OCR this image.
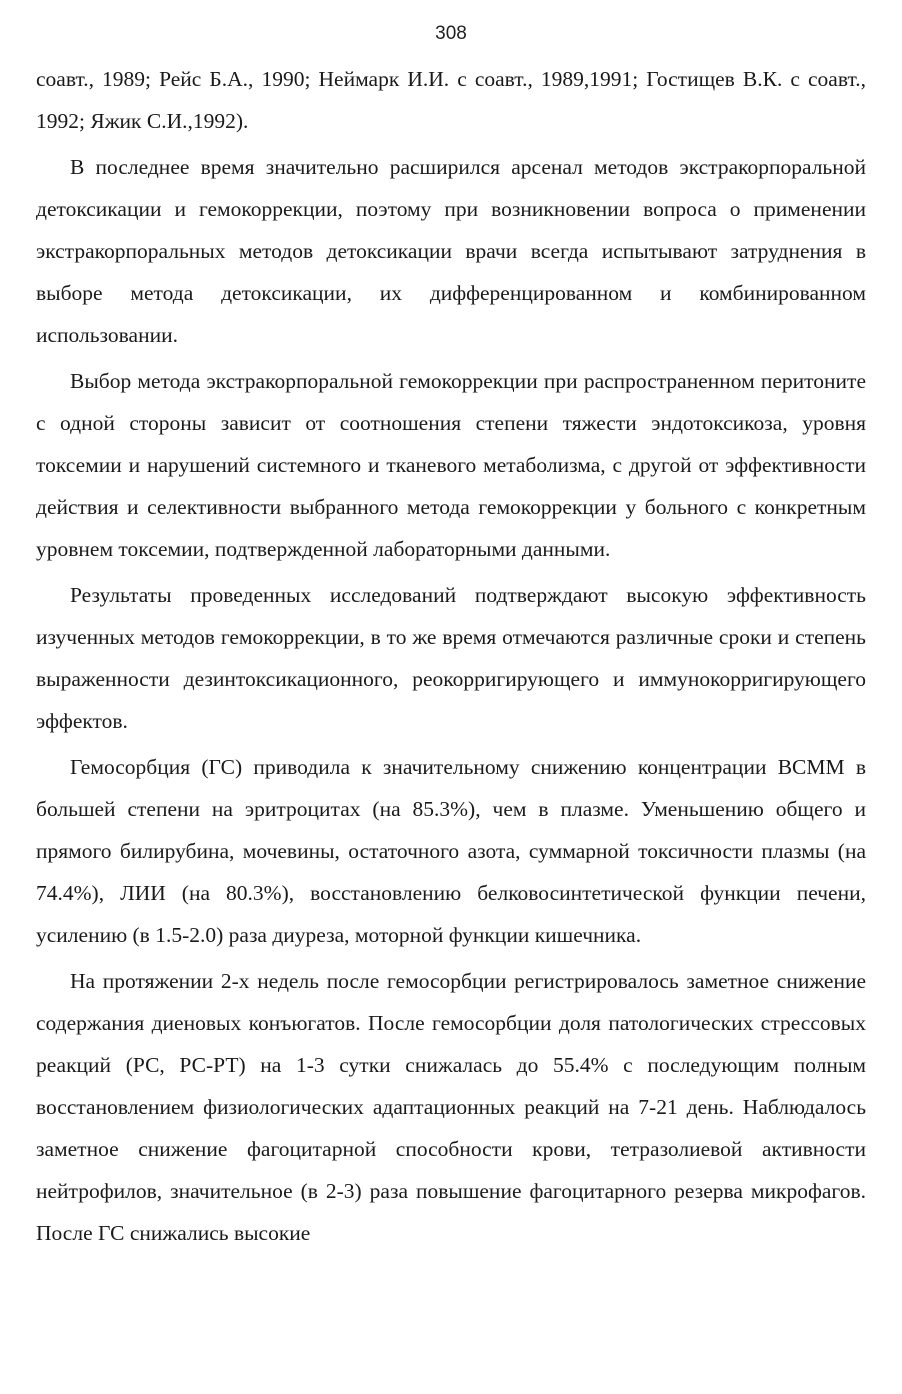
308

соавт., 1989; Рейс Б.А., 1990; Неймарк И.И. с соавт., 1989,1991; Гостищев В.К. с соавт., 1992; Яжик С.И.,1992).

В последнее время значительно расширился арсенал методов экстракорпоральной детоксикации и гемокоррекции, поэтому при возникновении вопроса о применении экстракорпоральных методов детоксикации врачи всегда испытывают затруднения в выборе метода детоксикации, их дифференцированном и комбинированном использовании.

Выбор метода экстракорпоральной гемокоррекции при распространенном перитоните с одной стороны зависит от соотношения степени тяжести эндотоксикоза, уровня токсемии и нарушений системного и тканевого метаболизма, с другой от эффективности действия и селективности выбранного метода гемокоррекции у больного с конкретным уровнем токсемии, подтвержденной лабораторными данными.

Результаты проведенных исследований подтверждают высокую эффективность изученных методов гемокоррекции, в то же время отмечаются различные сроки и степень выраженности дезинтоксикационного, реокорригирующего и иммунокорригирующего эффектов.

Гемосорбция (ГС) приводила к значительному снижению концентрации ВСММ в большей степени на эритроцитах (на 85.3%), чем в плазме. Уменьшению общего и прямого билирубина, мочевины, остаточного азота, суммарной токсичности плазмы (на 74.4%), ЛИИ (на 80.3%), восстановлению белковосинтетической функции печени, усилению (в 1.5-2.0) раза диуреза, моторной функции кишечника.

На протяжении 2-х недель после гемосорбции регистрировалось заметное снижение содержания диеновых конъюгатов. После гемосорбции доля патологических стрессовых реакций (РС, РС-РТ) на 1-3 сутки снижалась до 55.4% с последующим полным восстановлением физиологических адаптационных реакций на 7-21 день. Наблюдалось заметное снижение фагоцитарной способности крови, тетразолиевой активности нейтрофилов, значительное (в 2-3) раза повышение фагоцитарного резерва микрофагов. После ГС снижались высокие
